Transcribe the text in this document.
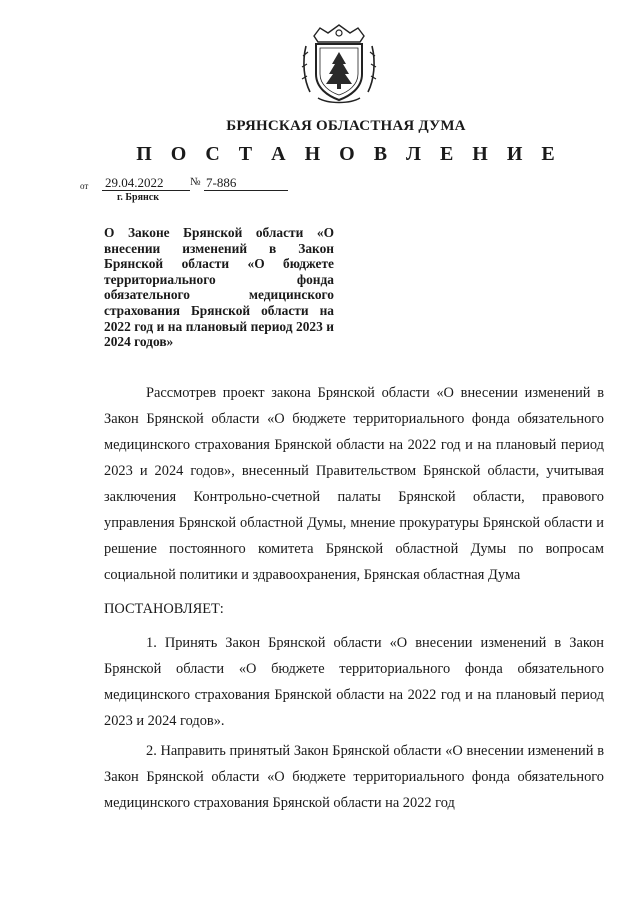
БРЯНСКАЯ ОБЛАСТНАЯ ДУМА
П О С Т А Н О В Л Е Н И Е
от 29.04.2022	№ 7-886
г. Брянск
О Законе Брянской области «О внесении изменений в Закон Брянской области «О бюджете территориального фонда обязательного медицинского страхования Брянской области на 2022 год и на плановый период 2023 и 2024 годов»

Рассмотрев проект закона Брянской области «О внесении изменений в Закон Брянской области «О бюджете территориального фонда обязательного медицинского страхования Брянской области на 2022 год и на плановый период 2023 и 2024 годов», внесенный Правительством Брянской области, учитывая заключения Контрольно-счетной палаты Брянской области, правового управления Брянской областной Думы, мнение прокуратуры Брянской области и решение постоянного комитета Брянской областной Думы по вопросам социальной политики и здравоохранения, Брянская областная Дума

ПОСТАНОВЛЯЕТ:

1. Принять Закон Брянской области «О внесении изменений в Закон Брянской области «О бюджете территориального фонда обязательного медицинского страхования Брянской области на 2022 год и на плановый период 2023 и 2024 годов».

2. Направить принятый Закон Брянской области «О внесении изменений в Закон Брянской области «О бюджете территориального фонда обязательного медицинского страхования Брянской области на 2022 год
